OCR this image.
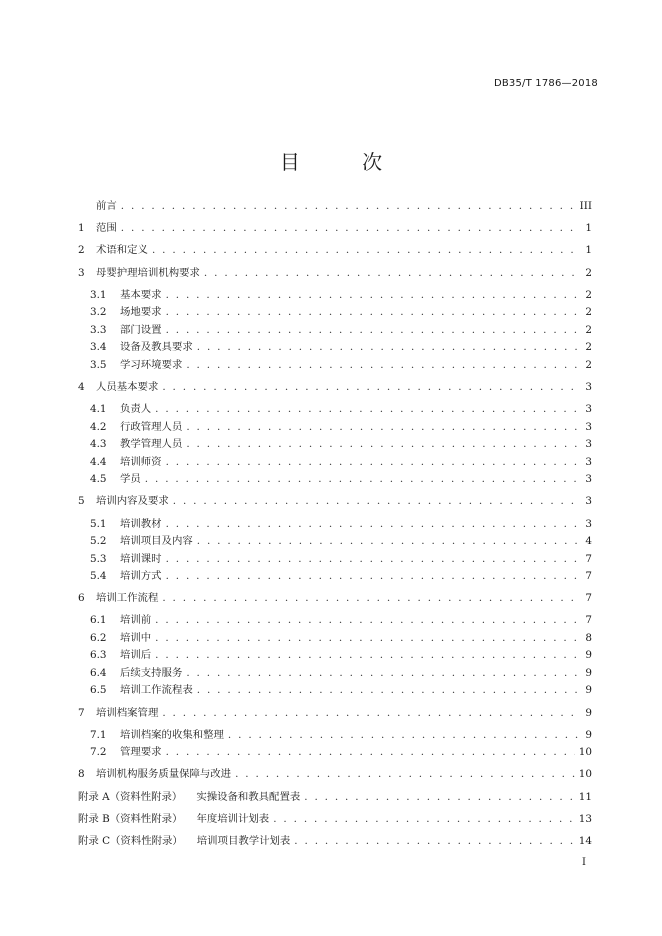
DB35/T 1786—2018
目 次
前言 . . .	III
1	范围 . . .	1
2	术语和定义 . . .	1
3	母婴护理培训机构要求 . . .	2
3.1	基本要求 . . .	2
3.2	场地要求 . . .	2
3.3	部门设置 . . .	2
3.4	设备及教具要求 . . .	2
3.5	学习环境要求 . . .	2
4	人员基本要求 . . .	3
4.1	负责人 . . .	3
4.2	行政管理人员 . . .	3
4.3	教学管理人员 . . .	3
4.4	培训师资 . . .	3
4.5	学员 . . .	3
5	培训内容及要求 . . .	3
5.1	培训教材 . . .	3
5.2	培训项目及内容 . . .	4
5.3	培训课时 . . .	7
5.4	培训方式 . . .	7
6	培训工作流程 . . .	7
6.1	培训前 . . .	7
6.2	培训中 . . .	8
6.3	培训后 . . .	9
6.4	后续支持服务 . . .	9
6.5	培训工作流程表 . . .	9
7	培训档案管理 . . .	9
7.1	培训档案的收集和整理 . . .	9
7.2	管理要求 . . .	10
8	培训机构服务质量保障与改进 . . .	10
附录 A（资料性附录） 实操设备和教具配置表 . . .	11
附录 B（资料性附录） 年度培训计划表 . . .	13
附录 C（资料性附录） 培训项目教学计划表 . . .	14
I
